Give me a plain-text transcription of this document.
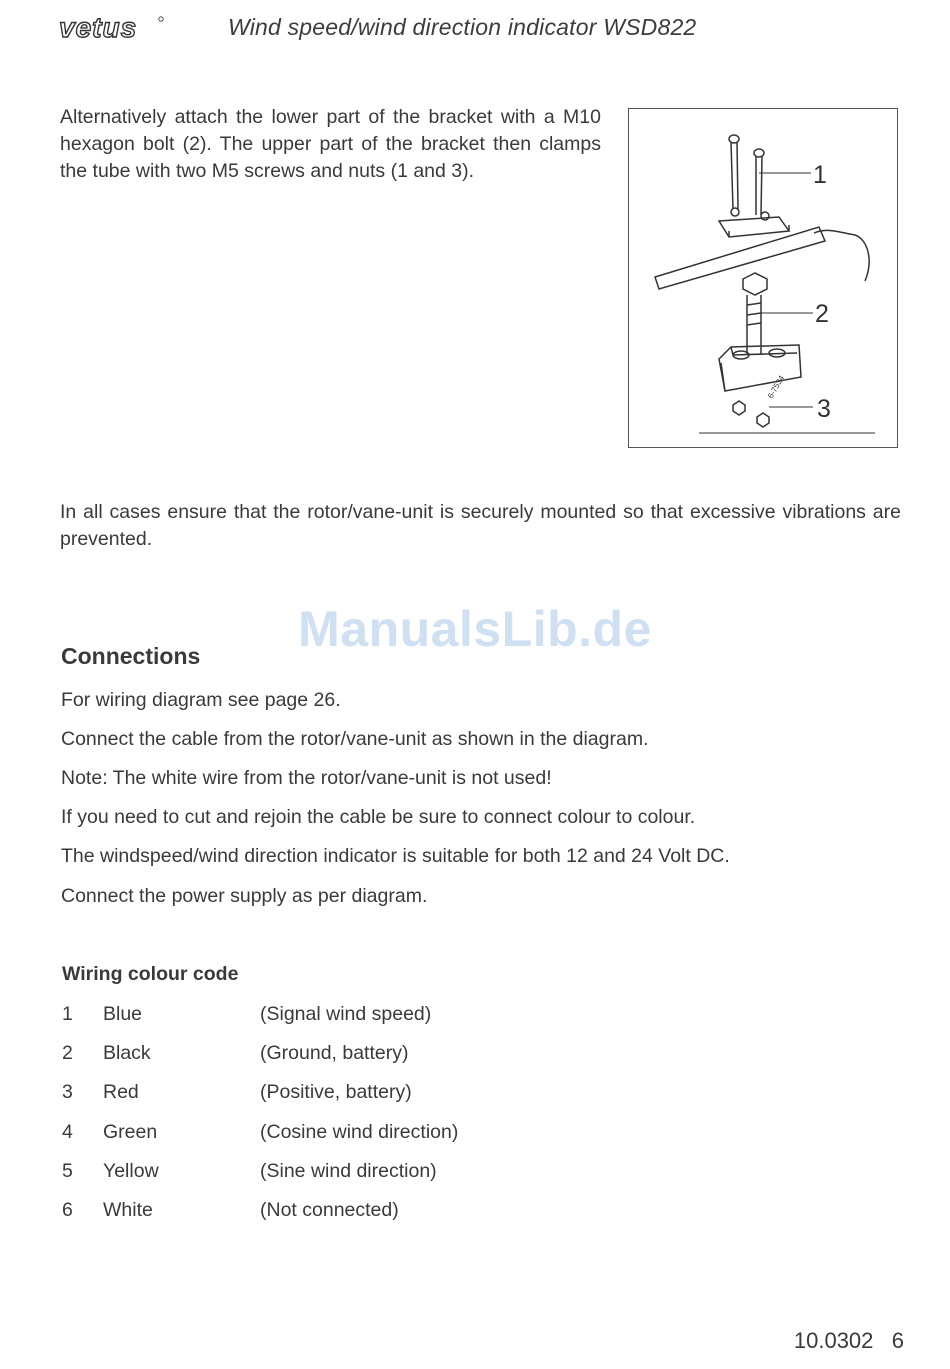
vetus	Wind speed/wind direction indicator WSD822

Alternatively attach the lower part of the bracket with a M10 hexagon bolt (2). The upper part of the bracket then clamps the tube with two M5 screws and nuts (1 and 3).	1
2
3
6-7534

In all cases ensure that the rotor/vane-unit is securely mounted so that excessive vibrations are prevented.

ManualsLib.de
Connections

For wiring diagram see page 26.

Connect the cable from the rotor/vane-unit as shown in the diagram.

Note: The white wire from the rotor/vane-unit is not used!

If you need to cut and rejoin the cable be sure to connect colour to colour.

The windspeed/wind direction indicator is suitable for both 12 and 24 Volt DC.

Connect the power supply as per diagram.

Wiring colour code
1 Blue	(Signal wind speed)
2 Black	(Ground, battery)
3 Red	(Positive, battery)
4 Green	(Cosine wind direction)
5 Yellow	(Sine wind direction)
6 White	(Not connected)
10.0302 6
